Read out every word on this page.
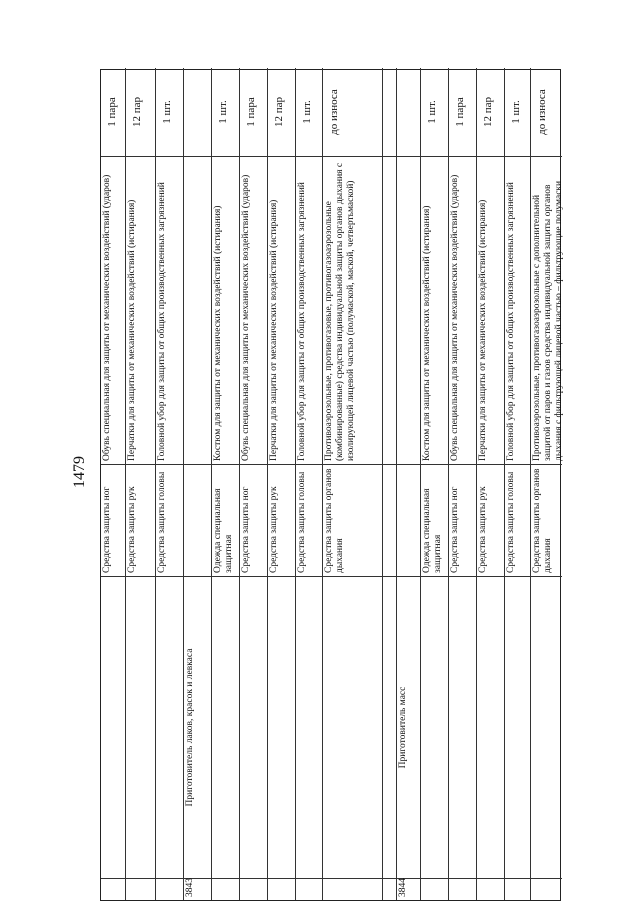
1479
Средства защиты ног
Обувь специальная для защиты от механических воздействий (ударов)
1 пара
Средства защиты рук
Перчатки для защиты от механических воздействий (истирания)
12 пар
Средства защиты головы
Головной убор для защиты от общих производственных загрязнений
1 шт.
3843
Приготовитель лаков, красок и левкаса
Одежда специальная защитная
Костюм для защиты от механических воздействий (истирания)
1 шт.
Средства защиты ног
Обувь специальная для защиты от механических воздействий (ударов)
1 пара
Средства защиты рук
Перчатки для защиты от механических воздействий (истирания)
12 пар
Средства защиты головы
Головной убор для защиты от общих производственных загрязнений
1 шт.
Средства защиты органов дыхания
Противоаэрозольные, противогазовые, противогазоаэрозольные (комбинированные) средства индивидуальной защиты органов дыхания с изолирующей лицевой частью (полумаской, маской, четвертьмаской)
до износа
3844
Приготовитель масс
Одежда специальная защитная
Костюм для защиты от механических воздействий (истирания)
1 шт.
Средства защиты ног
Обувь специальная для защиты от механических воздействий (ударов)
1 пара
Средства защиты рук
Перчатки для защиты от механических воздействий (истирания)
12 пар
Средства защиты головы
Головной убор для защиты от общих производственных загрязнений
1 шт.
Средства защиты органов дыхания
Противоаэрозольные, противогазоаэрозольные с дополнительной защитой от паров и газов средства индивидуальной защиты органов дыхания с фильтрующей лицевой частью – фильтрующие полумаски
до износа
